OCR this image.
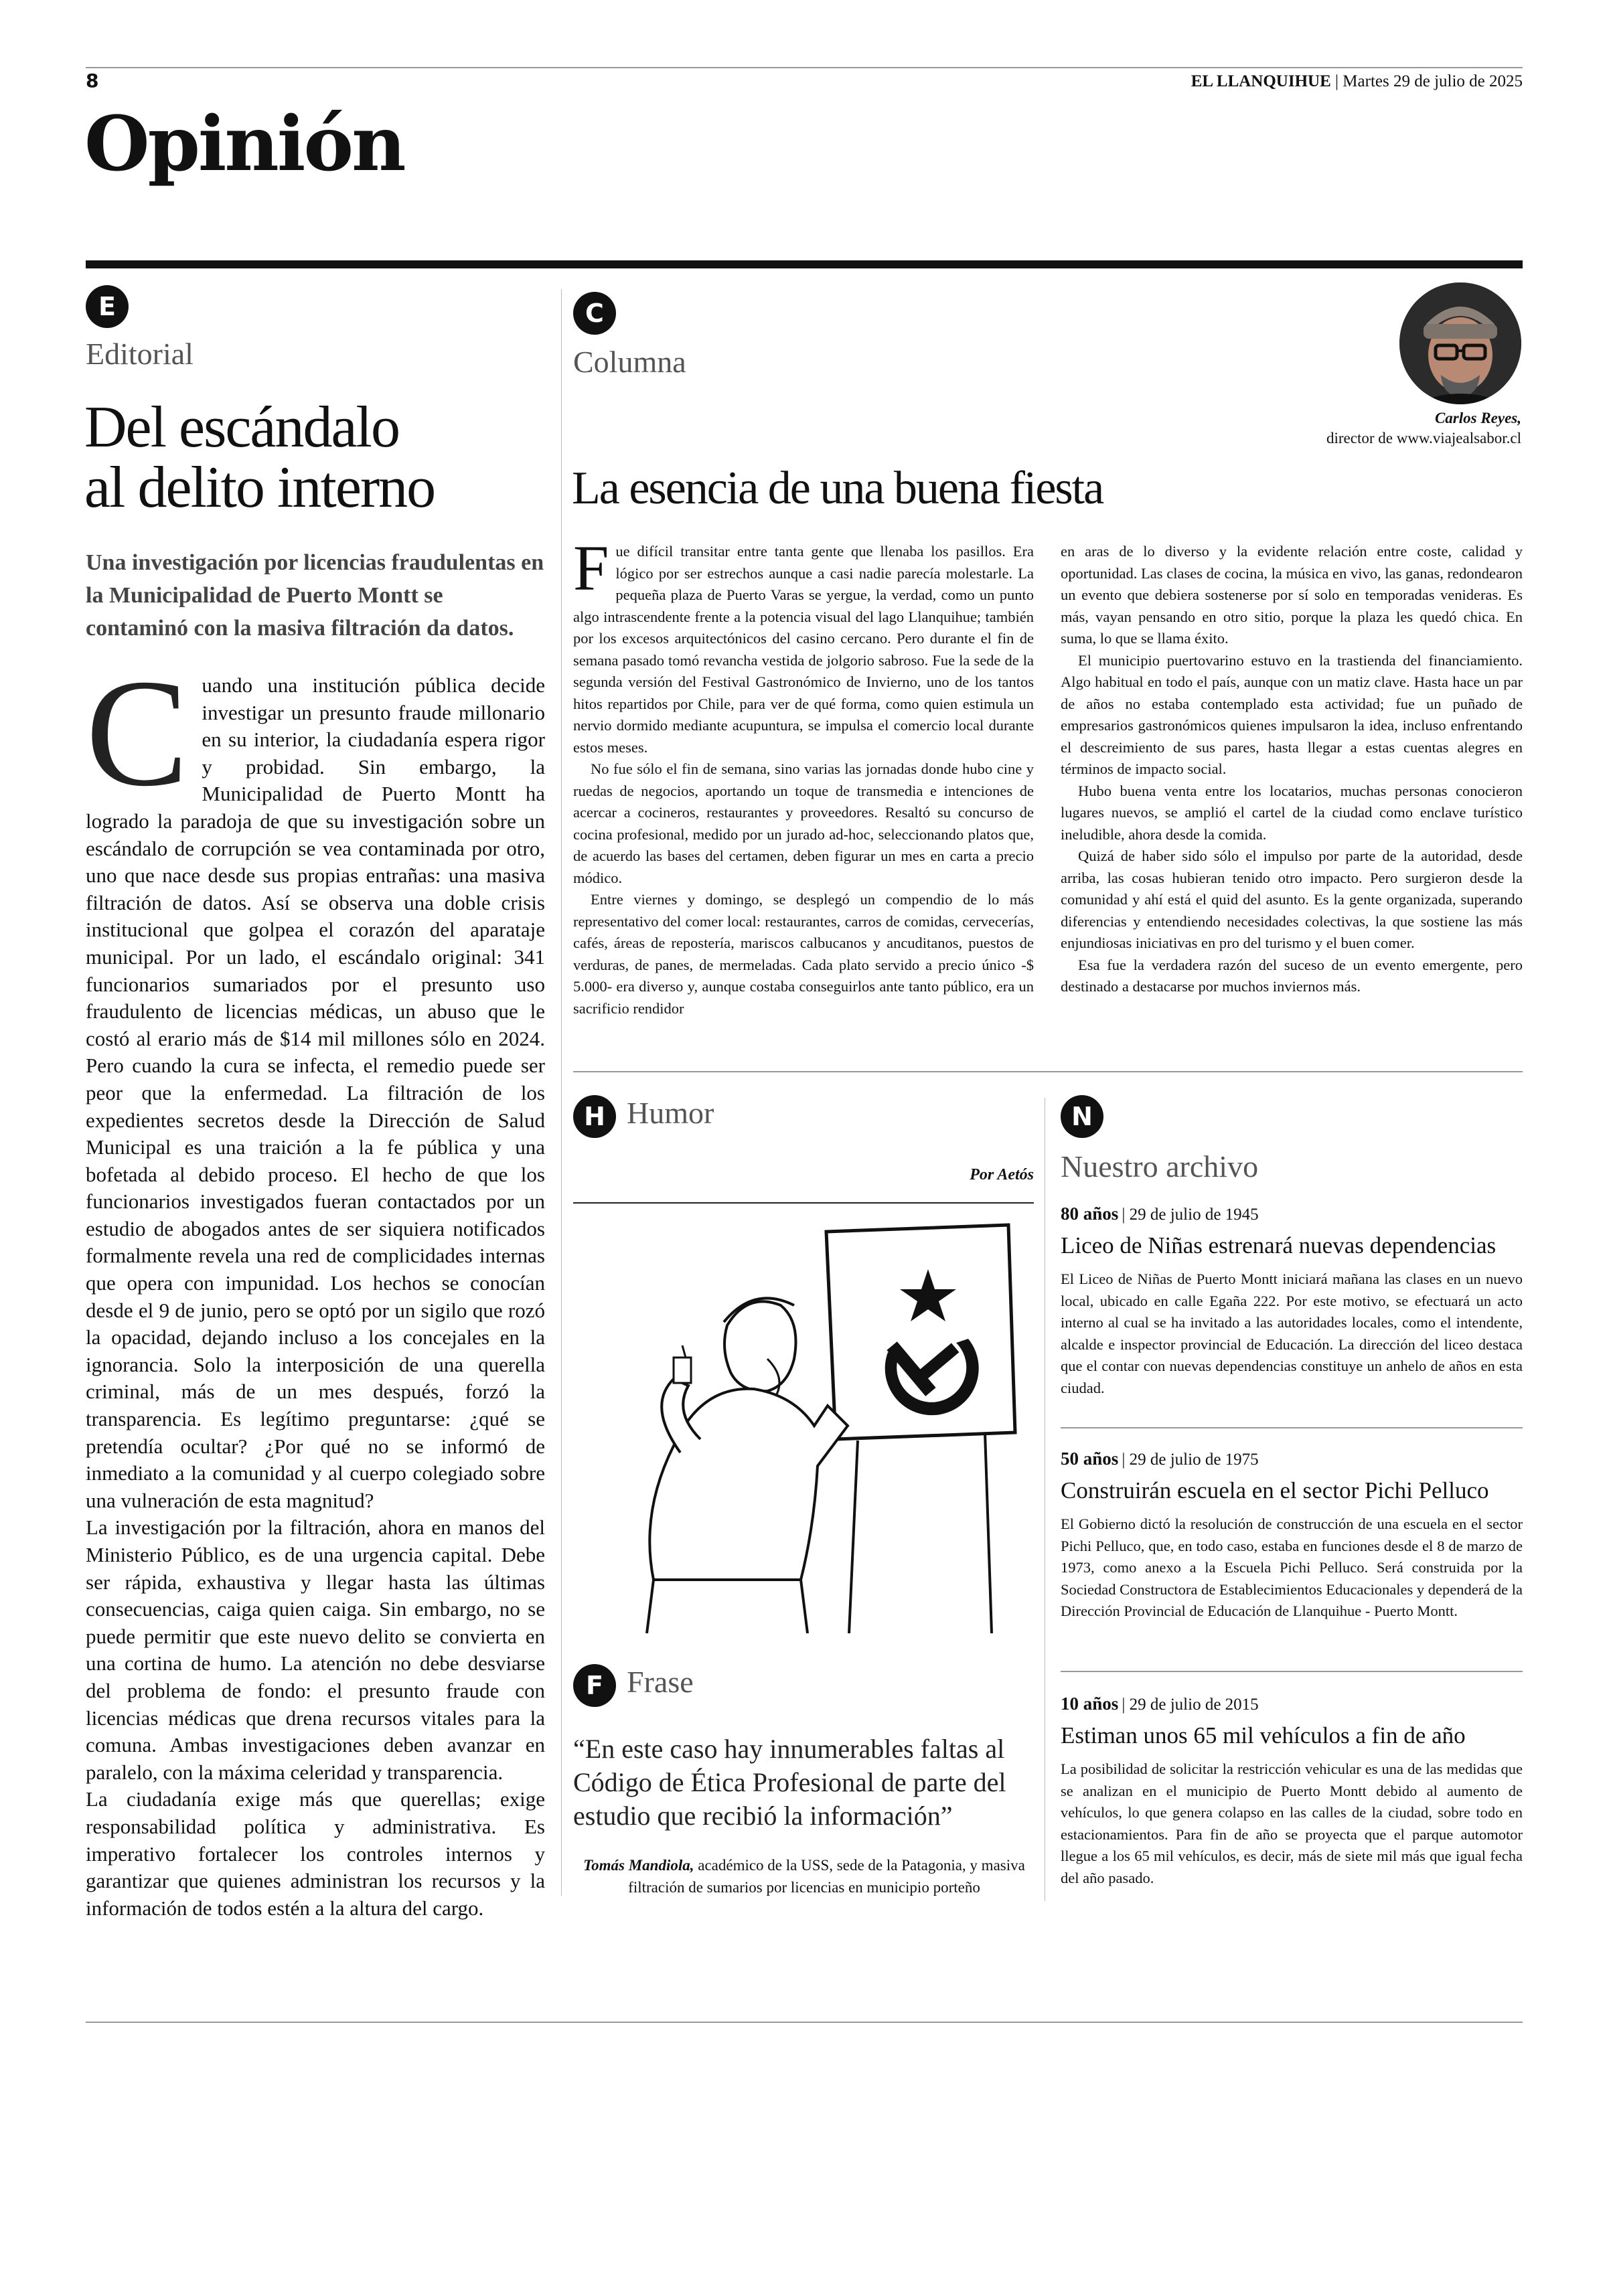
8	EL LLANQUIHUE | Martes 29 de julio de 2025
Opinión
E
Editorial
Del escándalo
al delito interno
Una investigación por licencias fraudulentas en la Municipalidad de Puerto Montt se contaminó con la masiva filtración da datos.
C uando una institución pública decide investigar un presunto fraude millonario en su interior, la ciudadanía espera rigor y probidad. Sin embargo, la Municipalidad de Puerto Montt ha logrado la paradoja de que su investigación sobre un escándalo de corrupción se vea contaminada por otro, uno que nace desde sus propias entrañas: una masiva filtración de datos. Así se observa una doble crisis institucional que golpea el corazón del aparataje municipal. Por un lado, el escándalo original: 341 funcionarios sumariados por el presunto uso fraudulento de licencias médicas, un abuso que le costó al erario más de $14 mil millones sólo en 2024. Pero cuando la cura se infecta, el remedio puede ser peor que la enfermedad. La filtración de los expedientes secretos desde la Dirección de Salud Municipal es una traición a la fe pública y una bofetada al debido proceso. El hecho de que los funcionarios investigados fueran contactados por un estudio de abogados antes de ser siquiera notificados formalmente revela una red de complicidades internas que opera con impunidad. Los hechos se conocían desde el 9 de junio, pero se optó por un sigilo que rozó la opacidad, dejando incluso a los concejales en la ignorancia. Solo la interposición de una querella criminal, más de un mes después, forzó la transparencia. Es legítimo preguntarse: ¿qué se pretendía ocultar? ¿Por qué no se informó de inmediato a la comunidad y al cuerpo colegiado sobre una vulneración de esta magnitud?

La investigación por la filtración, ahora en manos del Ministerio Público, es de una urgencia capital. Debe ser rápida, exhaustiva y llegar hasta las últimas consecuencias, caiga quien caiga. Sin embargo, no se puede permitir que este nuevo delito se convierta en una cortina de humo. La atención no debe desviarse del problema de fondo: el presunto fraude con licencias médicas que drena recursos vitales para la comuna. Ambas investigaciones deben avanzar en paralelo, con la máxima celeridad y transparencia.

La ciudadanía exige más que querellas; exige responsabilidad política y administrativa. Es imperativo fortalecer los controles internos y garantizar que quienes administran los recursos y la información de todos estén a la altura del cargo.

C
Columna
Carlos Reyes,
director de www.viajealsabor.cl
La esencia de una buena fiesta
F ue difícil transitar entre tanta gente que llenaba los pasillos. Era lógico por ser estrechos aunque a casi nadie parecía molestarle. La pequeña plaza de Puerto Varas se yergue, la verdad, como un punto algo intrascendente frente a la potencia visual del lago Llanquihue; también por los excesos arquitectónicos del casino cercano. Pero durante el fin de semana pasado tomó revancha vestida de jolgorio sabroso. Fue la sede de la segunda versión del Festival Gastronómico de Invierno, uno de los tantos hitos repartidos por Chile, para ver de qué forma, como quien estimula un nervio dormido mediante acupuntura, se impulsa el comercio local durante estos meses.

No fue sólo el fin de semana, sino varias las jornadas donde hubo cine y ruedas de negocios, aportando un toque de transmedia e intenciones de acercar a cocineros, restaurantes y proveedores. Resaltó su concurso de cocina profesional, medido por un jurado ad-hoc, seleccionando platos que, de acuerdo las bases del certamen, deben figurar un mes en carta a precio módico.

Entre viernes y domingo, se desplegó un compendio de lo más representativo del comer local: restaurantes, carros de comidas, cervecerías, cafés, áreas de repostería, mariscos calbucanos y ancuditanos, puestos de verduras, de panes, de mermeladas. Cada plato servido a precio único -$ 5.000- era diverso y, aunque costaba conseguirlos ante tanto público, era un sacrificio rendidor

en aras de lo diverso y la evidente relación entre coste, calidad y oportunidad. Las clases de cocina, la música en vivo, las ganas, redondearon un evento que debiera sostenerse por sí solo en temporadas venideras. Es más, vayan pensando en otro sitio, porque la plaza les quedó chica. En suma, lo que se llama éxito.

El municipio puertovarino estuvo en la trastienda del financiamiento. Algo habitual en todo el país, aunque con un matiz clave. Hasta hace un par de años no estaba contemplado esta actividad; fue un puñado de empresarios gastronómicos quienes impulsaron la idea, incluso enfrentando el descreimiento de sus pares, hasta llegar a estas cuentas alegres en términos de impacto social.

Hubo buena venta entre los locatarios, muchas personas conocieron lugares nuevos, se amplió el cartel de la ciudad como enclave turístico ineludible, ahora desde la comida.

Quizá de haber sido sólo el impulso por parte de la autoridad, desde arriba, las cosas hubieran tenido otro impacto. Pero surgieron desde la comunidad y ahí está el quid del asunto. Es la gente organizada, superando diferencias y entendiendo necesidades colectivas, la que sostiene las más enjundiosas iniciativas en pro del turismo y el buen comer.

Esa fue la verdadera razón del suceso de un evento emergente, pero destinado a destacarse por muchos inviernos más.

H Humor
Por Aetós
F Frase
“En este caso hay innumerables faltas al Código de Ética Profesional de parte del estudio que recibió la información”
Tomás Mandiola, académico de la USS, sede de la Patagonia, y masiva filtración de sumarios por licencias en municipio porteño
N
Nuestro archivo
80 años | 29 de julio de 1945
Liceo de Niñas estrenará nuevas dependencias
El Liceo de Niñas de Puerto Montt iniciará mañana las clases en un nuevo local, ubicado en calle Egaña 222. Por este motivo, se efectuará un acto interno al cual se ha invitado a las autoridades locales, como el intendente, alcalde e inspector provincial de Educación. La dirección del liceo destaca que el contar con nuevas dependencias constituye un anhelo de años en esta ciudad.
50 años | 29 de julio de 1975
Construirán escuela en el sector Pichi Pelluco
El Gobierno dictó la resolución de construcción de una escuela en el sector Pichi Pelluco, que, en todo caso, estaba en funciones desde el 8 de marzo de 1973, como anexo a la Escuela Pichi Pelluco. Será construida por la Sociedad Constructora de Establecimientos Educacionales y dependerá de la Dirección Provincial de Educación de Llanquihue - Puerto Montt.
10 años | 29 de julio de 2015
Estiman unos 65 mil vehículos a fin de año
La posibilidad de solicitar la restricción vehicular es una de las medidas que se analizan en el municipio de Puerto Montt debido al aumento de vehículos, lo que genera colapso en las calles de la ciudad, sobre todo en estacionamientos. Para fin de año se proyecta que el parque automotor llegue a los 65 mil vehículos, es decir, más de siete mil más que igual fecha del año pasado.
